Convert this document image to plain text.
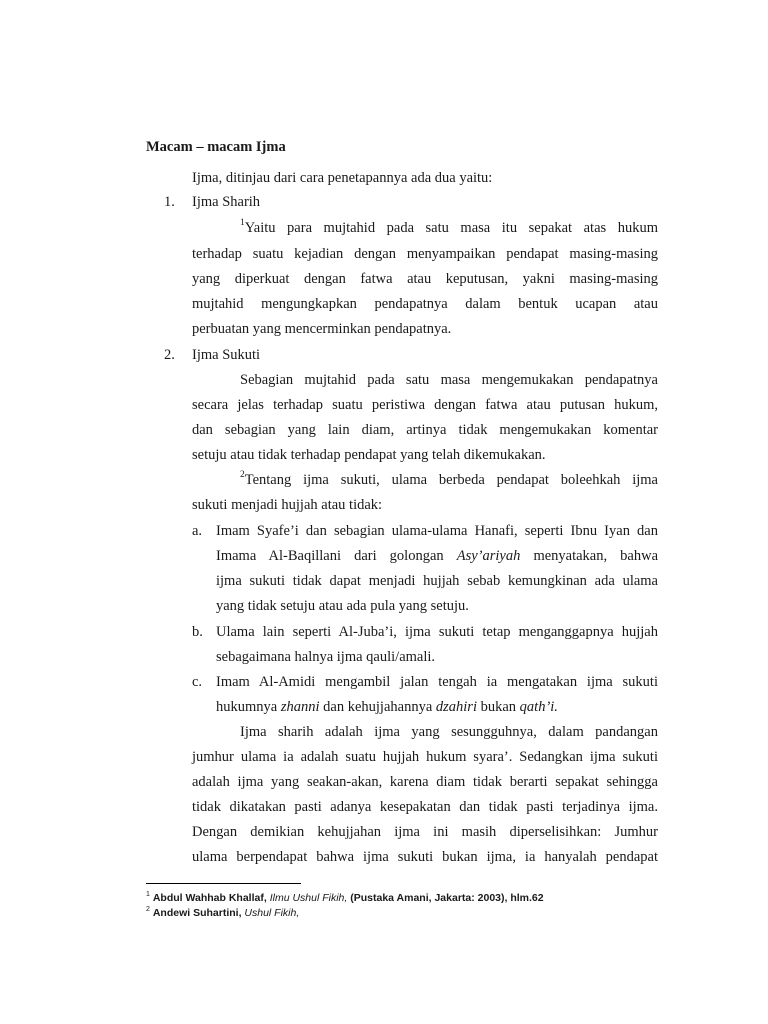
Macam – macam Ijma
Ijma, ditinjau dari cara penetapannya ada dua yaitu:
1. Ijma Sharih
$^1$Yaitu para mujtahid pada satu masa itu sepakat atas hukum
terhadap suatu kejadian dengan menyampaikan pendapat masing-masing
yang diperkuat dengan fatwa atau keputusan, yakni masing-masing
mujtahid mengungkapkan pendapatnya dalam bentuk ucapan atau
perbuatan yang mencerminkan pendapatnya.
2. Ijma Sukuti
Sebagian mujtahid pada satu masa mengemukakan pendapatnya
secara jelas terhadap suatu peristiwa dengan fatwa atau putusan hukum,
dan sebagian yang lain diam, artinya tidak mengemukakan komentar
setuju atau tidak terhadap pendapat yang telah dikemukakan.
$^2$Tentang ijma sukuti, ulama berbeda pendapat boleehkah ijma
sukuti menjadi hujjah atau tidak:
a. Imam Syafe’i dan sebagian ulama-ulama Hanafi, seperti Ibnu Iyan dan
Imama Al-Baqillani dari golongan Asy’ariyah menyatakan, bahwa
ijma sukuti tidak dapat menjadi hujjah sebab kemungkinan ada ulama
yang tidak setuju atau ada pula yang setuju.
b. Ulama lain seperti Al-Juba’i, ijma sukuti tetap menganggapnya hujjah
sebagaimana halnya ijma qauli/amali.
c. Imam Al-Amidi mengambil jalan tengah ia mengatakan ijma sukuti
hukumnya zhanni dan kehujjahannya dzahiri bukan qath’i.
Ijma sharih adalah ijma yang sesungguhnya, dalam pandangan
jumhur ulama ia adalah suatu hujjah hukum syara’. Sedangkan ijma sukuti
adalah ijma yang seakan-akan, karena diam tidak berarti sepakat sehingga
tidak dikatakan pasti adanya kesepakatan dan tidak pasti terjadinya ijma.
Dengan demikian kehujjahan ijma ini masih diperselisihkan: Jumhur
ulama berpendapat bahwa ijma sukuti bukan ijma, ia hanyalah pendapat
$^1$ Abdul Wahhab Khallaf, Ilmu Ushul Fikih, (Pustaka Amani, Jakarta: 2003), hlm.62
$^2$ Andewi Suhartini, Ushul Fikih,
